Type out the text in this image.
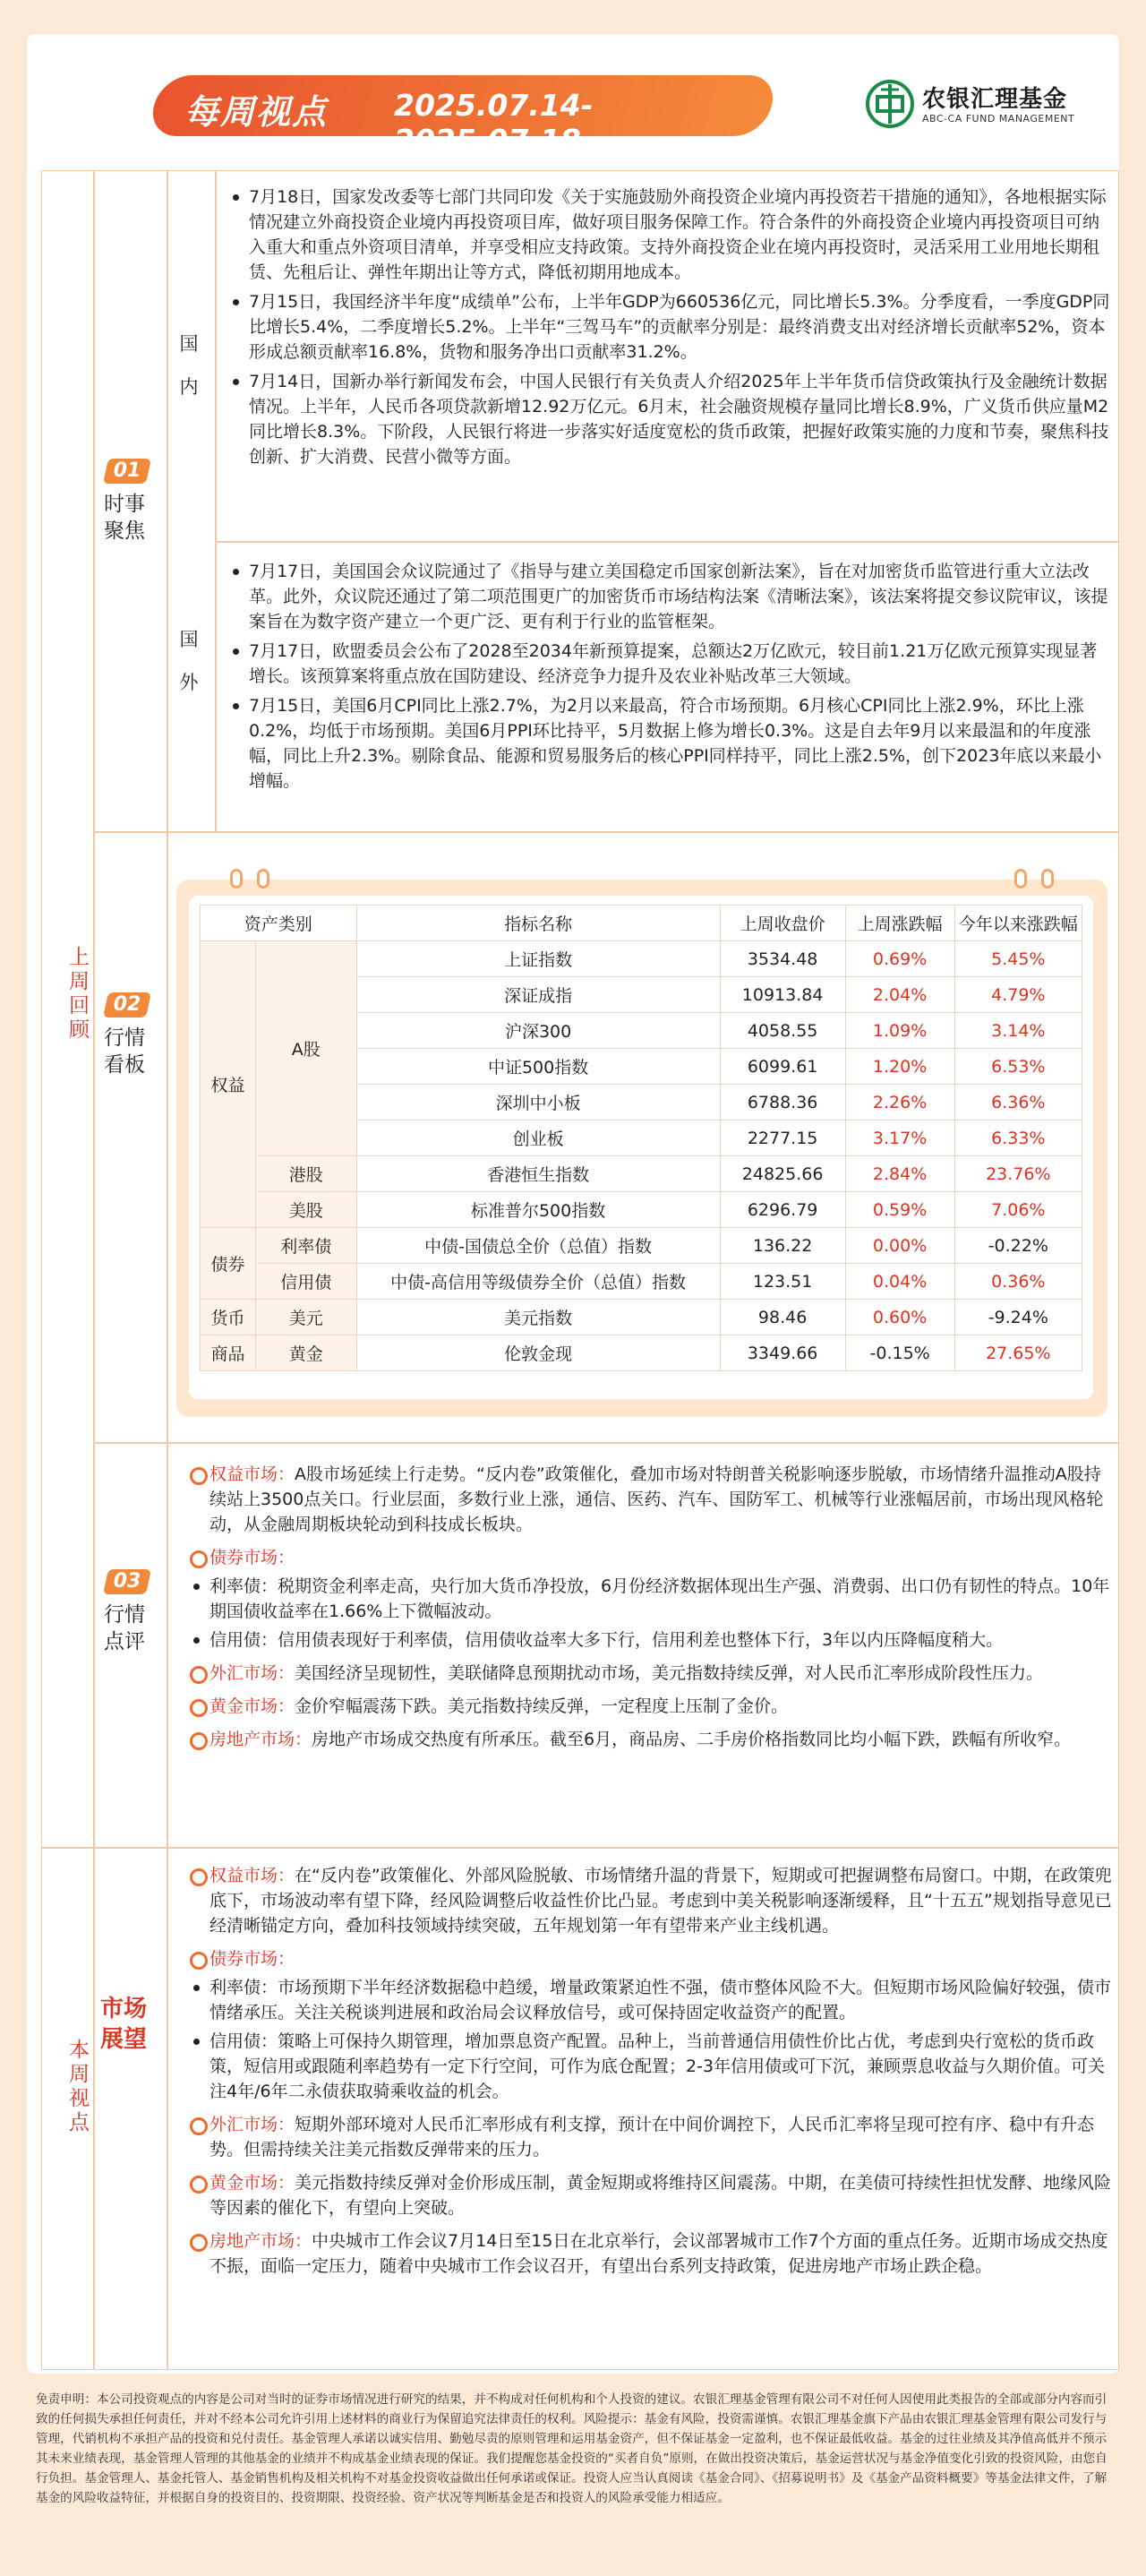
每周视点 2025.07.14-2025.07.18
农银汇理基金
ABC-CA FUND MANAGEMENT
上周回顾
本周视点
01
时事聚焦
国内
国外

7月18日，国家发改委等七部门共同印发《关于实施鼓励外商投资企业境内再投资若干措施的通知》，各地根据实际情况建立外商投资企业境内再投资项目库，做好项目服务保障工作。符合条件的外商投资企业境内再投资项目可纳入重大和重点外资项目清单，并享受相应支持政策。支持外商投资企业在境内再投资时，灵活采用工业用地长期租赁、先租后让、弹性年期出让等方式，降低初期用地成本。

7月15日，我国经济半年度“成绩单”公布，上半年GDP为660536亿元，同比增长5.3%。分季度看，一季度GDP同比增长5.4%，二季度增长5.2%。上半年“三驾马车”的贡献率分别是：最终消费支出对经济增长贡献率52%，资本形成总额贡献率16.8%，货物和服务净出口贡献率31.2%。

7月14日，国新办举行新闻发布会，中国人民银行有关负责人介绍2025年上半年货币信贷政策执行及金融统计数据情况。上半年，人民币各项贷款新增12.92万亿元。6月末，社会融资规模存量同比增长8.9%，广义货币供应量M2同比增长8.3%。下阶段，人民银行将进一步落实好适度宽松的货币政策，把握好政策实施的力度和节奏，聚焦科技创新、扩大消费、民营小微等方面。

7月17日，美国国会众议院通过了《指导与建立美国稳定币国家创新法案》，旨在对加密货币监管进行重大立法改革。此外，众议院还通过了第二项范围更广的加密货币市场结构法案《清晰法案》，该法案将提交参议院审议，该提案旨在为数字资产建立一个更广泛、更有利于行业的监管框架。

7月17日，欧盟委员会公布了2028至2034年新预算提案，总额达2万亿欧元，较目前1.21万亿欧元预算实现显著增长。该预算案将重点放在国防建设、经济竞争力提升及农业补贴改革三大领域。

7月15日，美国6月CPI同比上涨2.7%，为2月以来最高，符合市场预期。6月核心CPI同比上涨2.9%，环比上涨0.2%，均低于市场预期。美国6月PPI环比持平，5月数据上修为增长0.3%。这是自去年9月以来最温和的年度涨幅，同比上升2.3%。剔除食品、能源和贸易服务后的核心PPI同样持平，同比上涨2.5%，创下2023年底以来最小增幅。

02
行情看板
资产类别		指标名称	上周收盘价	上周涨跌幅	今年以来涨跌幅
权益	A股	上证指数	3534.48	0.69%	5.45%
		深证成指	10913.84	2.04%	4.79%
		沪深300	4058.55	1.09%	3.14%
		中证500指数	6099.61	1.20%	6.53%
		深圳中小板	6788.36	2.26%	6.36%
		创业板	2277.15	3.17%	6.33%
	港股	香港恒生指数	24825.66	2.84%	23.76%
	美股	标准普尔500指数	6296.79	0.59%	7.06%
债券	利率债	中债-国债总全价（总值）指数	136.22	0.00%	-0.22%
	信用债	中债-高信用等级债券全价（总值）指数	123.51	0.04%	0.36%
货币	美元	美元指数	98.46	0.60%	-9.24%
商品	黄金	伦敦金现	3349.66	-0.15%	27.65%
03
行情点评
权益市场：A股市场延续上行走势。“反内卷”政策催化，叠加市场对特朗普关税影响逐步脱敏，市场情绪升温推动A股持续站上3500点关口。行业层面，多数行业上涨，通信、医药、汽车、国防军工、机械等行业涨幅居前，市场出现风格轮动，从金融周期板块轮动到科技成长板块。
债券市场：
利率债：税期资金利率走高，央行加大货币净投放，6月份经济数据体现出生产强、消费弱、出口仍有韧性的特点。10年期国债收益率在1.66%上下微幅波动。
信用债：信用债表现好于利率债，信用债收益率大多下行，信用利差也整体下行，3年以内压降幅度稍大。
外汇市场：美国经济呈现韧性，美联储降息预期扰动市场，美元指数持续反弹，对人民币汇率形成阶段性压力。
黄金市场：金价窄幅震荡下跌。美元指数持续反弹，一定程度上压制了金价。
房地产市场：房地产市场成交热度有所承压。截至6月，商品房、二手房价格指数同比均小幅下跌，跌幅有所收窄。
市场展望
权益市场：在“反内卷”政策催化、外部风险脱敏、市场情绪升温的背景下，短期或可把握调整布局窗口。中期，在政策兜底下，市场波动率有望下降，经风险调整后收益性价比凸显。考虑到中美关税影响逐渐缓释，且“十五五”规划指导意见已经清晰锚定方向，叠加科技领域持续突破，五年规划第一年有望带来产业主线机遇。
债券市场：
利率债：市场预期下半年经济数据稳中趋缓，增量政策紧迫性不强，债市整体风险不大。但短期市场风险偏好较强，债市情绪承压。关注关税谈判进展和政治局会议释放信号，或可保持固定收益资产的配置。
信用债：策略上可保持久期管理，增加票息资产配置。品种上，当前普通信用债性价比占优，考虑到央行宽松的货币政策，短信用或跟随利率趋势有一定下行空间，可作为底仓配置；2-3年信用债或可下沉，兼顾票息收益与久期价值。可关注4年/6年二永债获取骑乘收益的机会。
外汇市场：短期外部环境对人民币汇率形成有利支撑，预计在中间价调控下，人民币汇率将呈现可控有序、稳中有升态势。但需持续关注美元指数反弹带来的压力。
黄金市场：美元指数持续反弹对金价形成压制，黄金短期或将维持区间震荡。中期，在美债可持续性担忧发酵、地缘风险等因素的催化下，有望向上突破。
房地产市场：中央城市工作会议7月14日至15日在北京举行，会议部署城市工作7个方面的重点任务。近期市场成交热度不振，面临一定压力，随着中央城市工作会议召开，有望出台系列支持政策，促进房地产市场止跌企稳。
免责申明：本公司投资观点的内容是公司对当时的证券市场情况进行研究的结果，并不构成对任何机构和个人投资的建议。农银汇理基金管理有限公司不对任何人因使用此类报告的全部或部分内容而引致的任何损失承担任何责任，并对不经本公司允许引用上述材料的商业行为保留追究法律责任的权利。风险提示：基金有风险，投资需谨慎。农银汇理基金旗下产品由农银汇理基金管理有限公司发行与管理，代销机构不承担产品的投资和兑付责任。基金管理人承诺以诚实信用、勤勉尽责的原则管理和运用基金资产，但不保证基金一定盈利，也不保证最低收益。基金的过往业绩及其净值高低并不预示其未来业绩表现，基金管理人管理的其他基金的业绩并不构成基金业绩表现的保证。我们提醒您基金投资的“买者自负”原则，在做出投资决策后，基金运营状况与基金净值变化引致的投资风险，由您自行负担。基金管理人、基金托管人、基金销售机构及相关机构不对基金投资收益做出任何承诺或保证。投资人应当认真阅读《基金合同》、《招募说明书》及《基金产品资料概要》等基金法律文件，了解基金的风险收益特征，并根据自身的投资目的、投资期限、投资经验、资产状况等判断基金是否和投资人的风险承受能力相适应。
